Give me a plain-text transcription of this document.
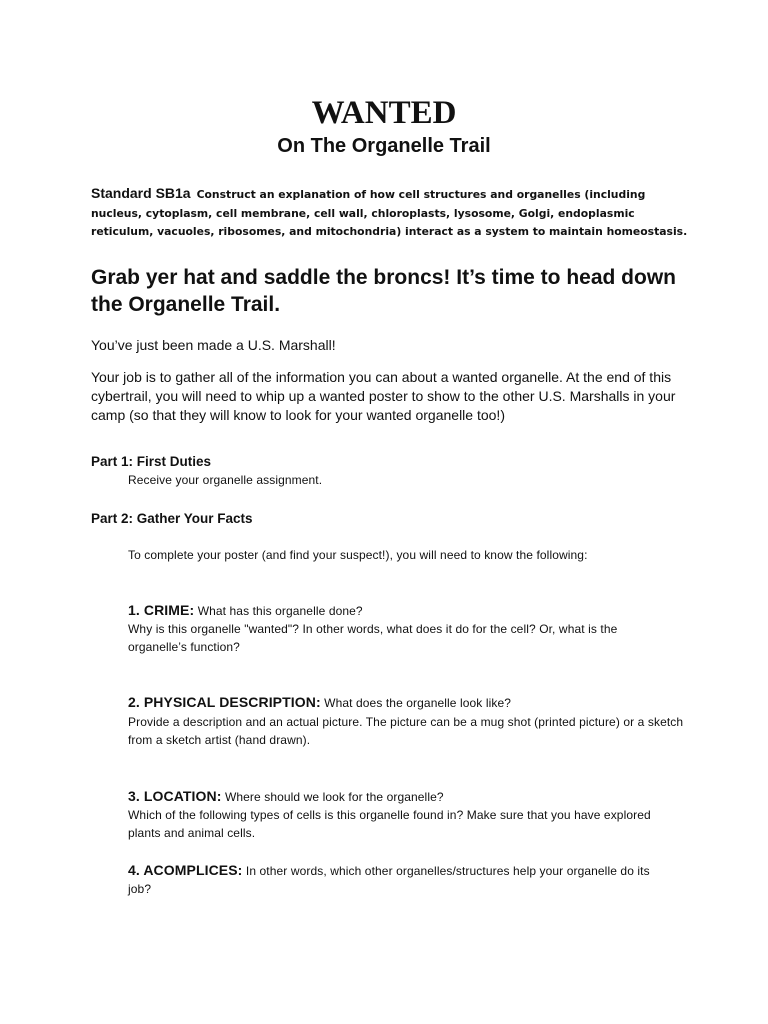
WANTED
On The Organelle Trail
Standard SB1a Construct an explanation of how cell structures and organelles (including nucleus, cytoplasm, cell membrane, cell wall, chloroplasts, lysosome, Golgi, endoplasmic reticulum, vacuoles, ribosomes, and mitochondria) interact as a system to maintain homeostasis.
Grab yer hat and saddle the broncs! It’s time to head down the Organelle Trail.
You’ve just been made a U.S. Marshall!
Your job is to gather all of the information you can about a wanted organelle. At the end of this cybertrail, you will need to whip up a wanted poster to show to the other U.S. Marshalls in your camp (so that they will know to look for your wanted organelle too!)
Part 1: First Duties
Receive your organelle assignment.
Part 2: Gather Your Facts
To complete your poster (and find your suspect!), you will need to know the following:
1. CRIME: What has this organelle done?
Why is this organelle "wanted"? In other words, what does it do for the cell? Or, what is the organelle’s function?
2. PHYSICAL DESCRIPTION: What does the organelle look like?
Provide a description and an actual picture. The picture can be a mug shot (printed picture) or a sketch from a sketch artist (hand drawn).
3. LOCATION: Where should we look for the organelle?
Which of the following types of cells is this organelle found in? Make sure that you have explored plants and animal cells.
4. ACOMPLICES: In other words, which other organelles/structures help your organelle do its job?
